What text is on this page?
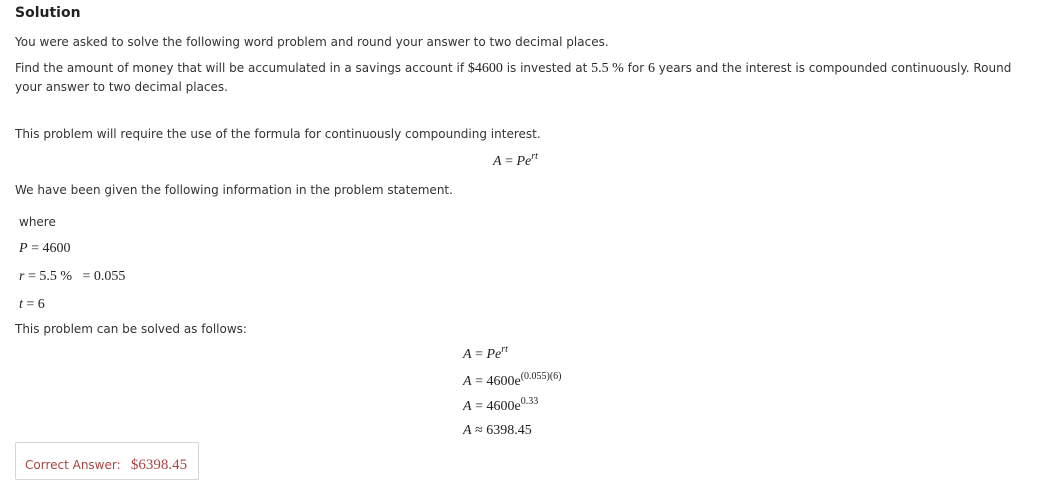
Solution
You were asked to solve the following word problem and round your answer to two decimal places.
Find the amount of money that will be accumulated in a savings account if $4600 is invested at 5.5 % for 6 years and the interest is compounded continuously. Round
your answer to two decimal places.
This problem will require the use of the formula for continuously compounding interest.
$A = Pe^{rt}$
We have been given the following information in the problem statement.
where
P = 4600
r = 5.5 % = 0.055
t = 6
This problem can be solved as follows:
$A = Pe^{rt}$
$A = 4600e^{(0.055)(6)}$
$A = 4600e^{0.33}$
A ≈ 6398.45
Correct Answer: $6398.45
